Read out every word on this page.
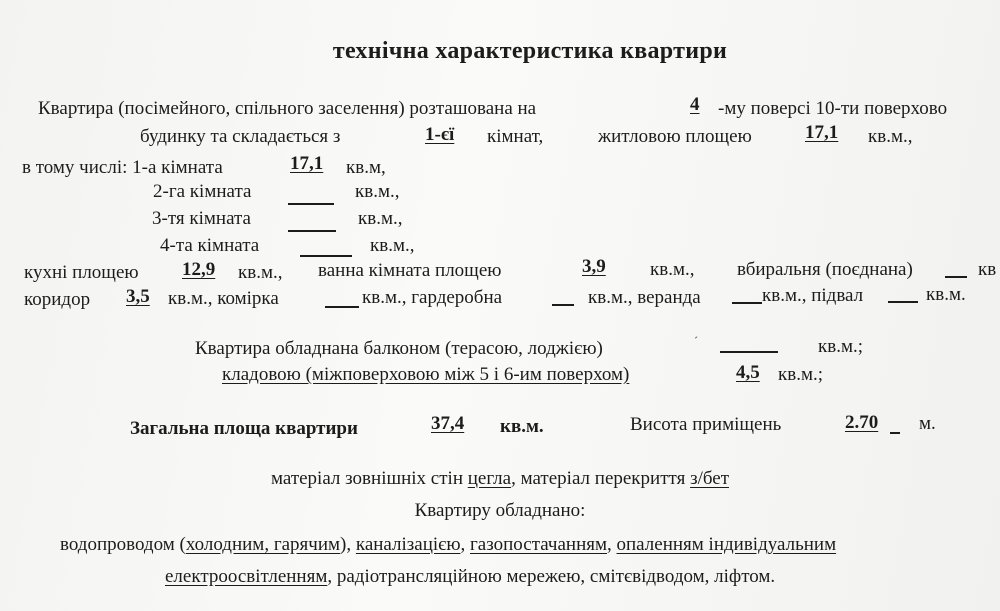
технічна характеристика квартири
Квартира (посімейного, спільного заселення) розташована на	4 -му поверсі 10-ти поверхово
будинку та складається з	1-єї кімнат,	житловою площею	17,1 кв.м.,
в тому числі: 1-а кімната	17,1 кв.м,
2-га кімната	кв.м.,
3-тя кімната	кв.м.,
4-та кімната	кв.м.,
кухні площею 12,9 кв.м., ванна кімната площею	3,9 кв.м., вбиральня (поєднана)	кв
коридор 3,5 кв.м., комірка	кв.м., гардеробна	кв.м., веранда	кв.м., підвал	кв.м.
Квартира обладнана балконом (терасою, лоджією)	´	кв.м.;
кладовою (міжповерховою між 5 і 6-им поверхом)	4,5 кв.м.;
Загальна площа квартири	37,4 кв.м.	Висота приміщень	2.70 м.
матеріал зовнішніх стін цегла, матеріал перекриття з/бет
Квартиру обладнано:
водопроводом (холодним, гарячим), каналізацією, газопостачанням, опаленням індивідуальним
електроосвітленням, радіотрансляційною мережею, смітєвідводом, ліфтом.
